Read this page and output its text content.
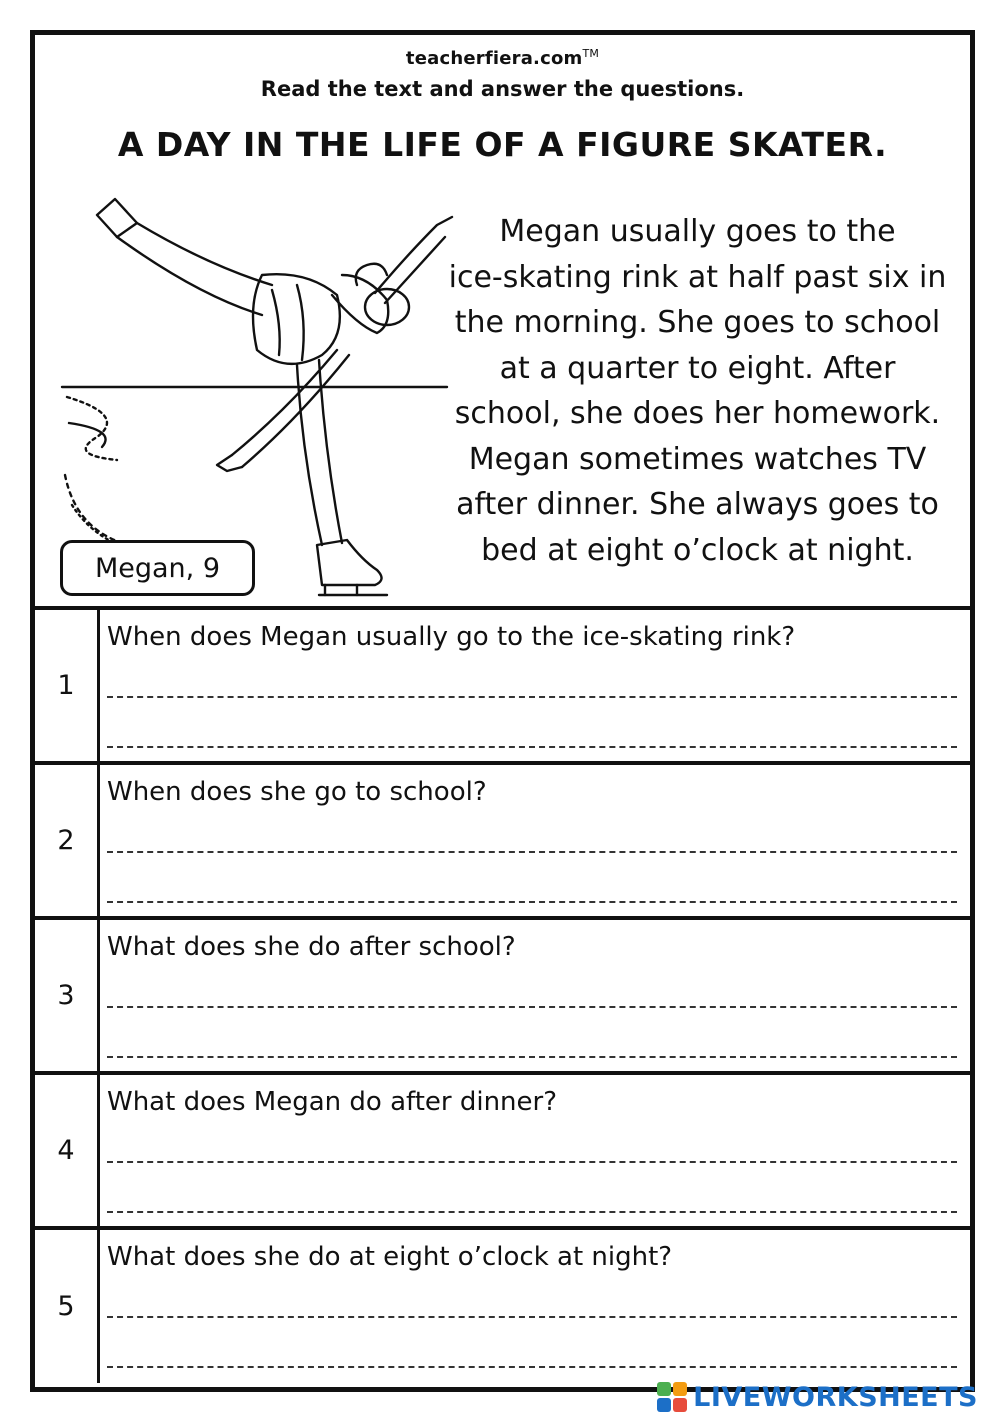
teacherfiera.com™
Read the text and answer the questions.
A DAY IN THE LIFE OF A FIGURE SKATER.
Megan, 9
Megan usually goes to the
ice-skating rink at half past six in
the morning. She goes to school
at a quarter to eight. After
school, she does her homework.
Megan sometimes watches TV
after dinner. She always goes to
bed at eight o’clock at night.
1
When does Megan usually go to the ice-skating rink?
2
When does she go to school?
3
What does she do after school?
4
What does Megan do after dinner?
5
What does she do at eight o’clock at night?
LIVEWORKSHEETS
